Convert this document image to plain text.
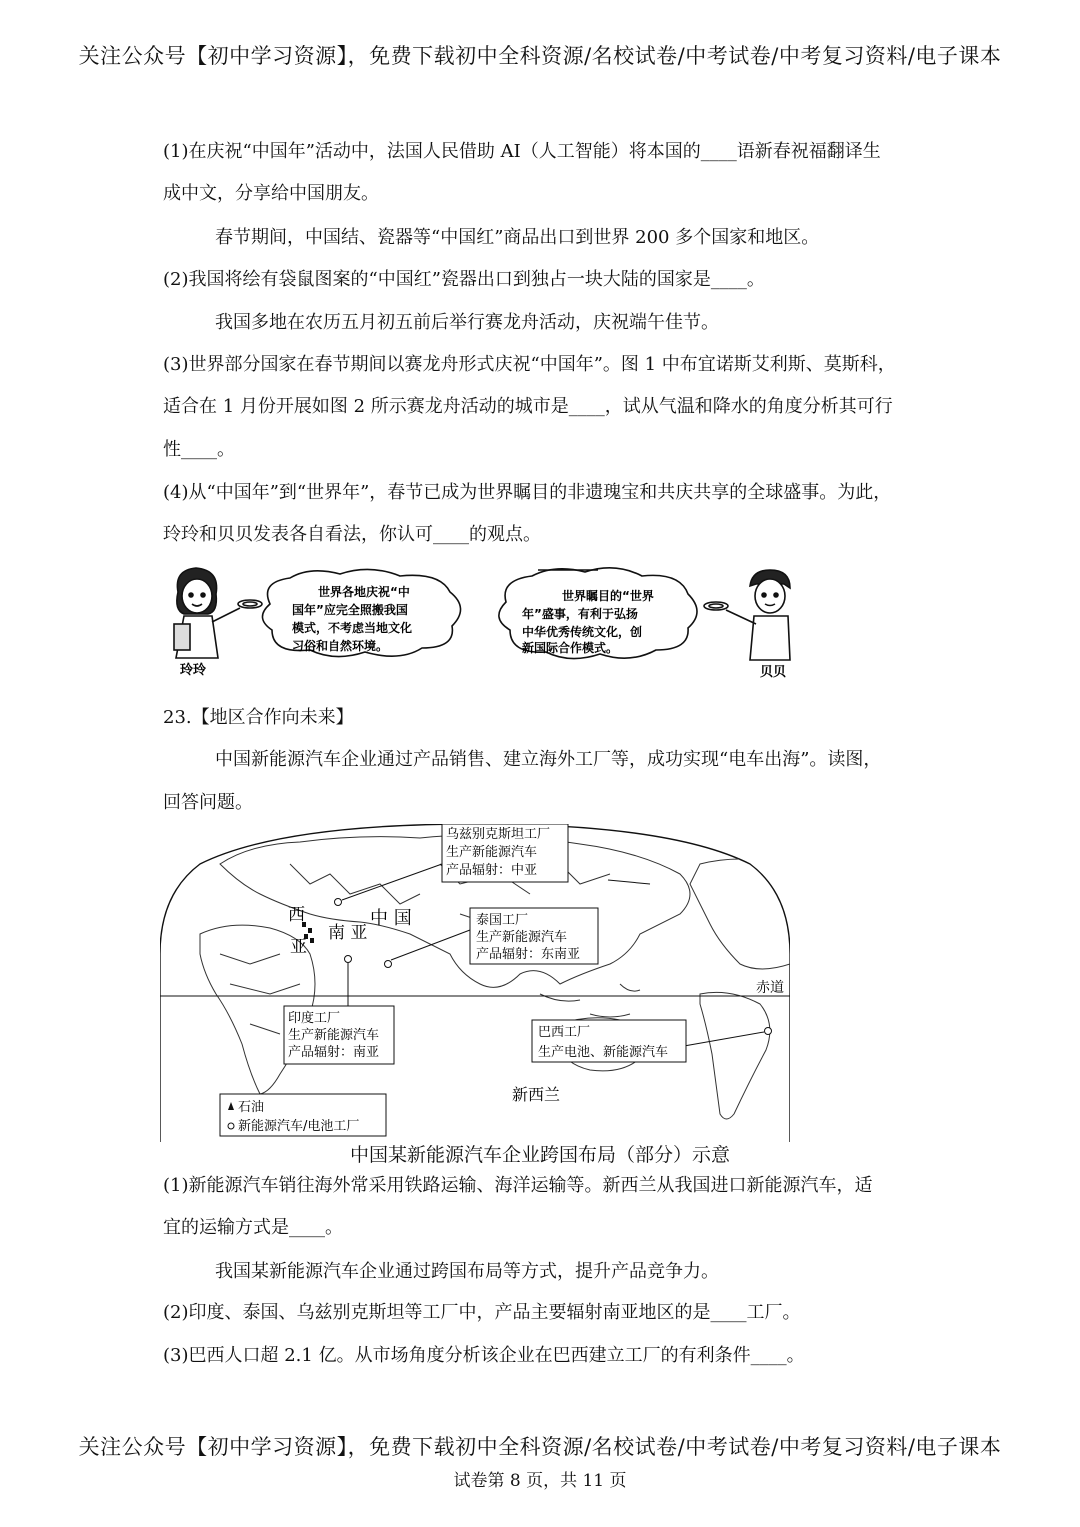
关注公众号【初中学习资源】，免费下载初中全科资源/名校试卷/中考试卷/中考复习资料/电子课本
(1)在庆祝“中国年”活动中，法国人民借助 AI（人工智能）将本国的____语新春祝福翻译生
成中文，分享给中国朋友。
春节期间，中国结、瓷器等“中国红”商品出口到世界 200 多个国家和地区。
(2)我国将绘有袋鼠图案的“中国红”瓷器出口到独占一块大陆的国家是____。
我国多地在农历五月初五前后举行赛龙舟活动，庆祝端午佳节。
(3)世界部分国家在春节期间以赛龙舟形式庆祝“中国年”。图 1 中布宜诺斯艾利斯、莫斯科，
适合在 1 月份开展如图 2 所示赛龙舟活动的城市是____，试从气温和降水的角度分析其可行
性____。
(4)从“中国年”到“世界年”，春节已成为世界瞩目的非遗瑰宝和共庆共享的全球盛事。为此，
玲玲和贝贝发表各自看法，你认可____的观点。
玲玲
世界各地庆祝“中
国年”应完全照搬我国
模式，不考虑当地文化
习俗和自然环境。
世界瞩目的“世界
年”盛事，有利于弘扬
中华优秀传统文化，创
新国际合作模式。
贝贝
23.【地区合作向未来】
中国新能源汽车企业通过产品销售、建立海外工厂等，成功实现“电车出海”。读图，
回答问题。
赤道
西
亚
中 国
南 亚
新西兰
乌兹别克斯坦工厂
生产新能源汽车
产品辐射：中亚
泰国工厂
生产新能源汽车
产品辐射：东南亚
印度工厂
生产新能源汽车
产品辐射：南亚
巴西工厂
生产电池、新能源汽车
石油
新能源汽车/电池工厂
中国某新能源汽车企业跨国布局（部分）示意
(1)新能源汽车销往海外常采用铁路运输、海洋运输等。新西兰从我国进口新能源汽车，适
宜的运输方式是____。
我国某新能源汽车企业通过跨国布局等方式，提升产品竞争力。
(2)印度、泰国、乌兹别克斯坦等工厂中，产品主要辐射南亚地区的是____工厂。
(3)巴西人口超 2.1 亿。从市场角度分析该企业在巴西建立工厂的有利条件____。
关注公众号【初中学习资源】，免费下载初中全科资源/名校试卷/中考试卷/中考复习资料/电子课本
试卷第 8 页，共 11 页
